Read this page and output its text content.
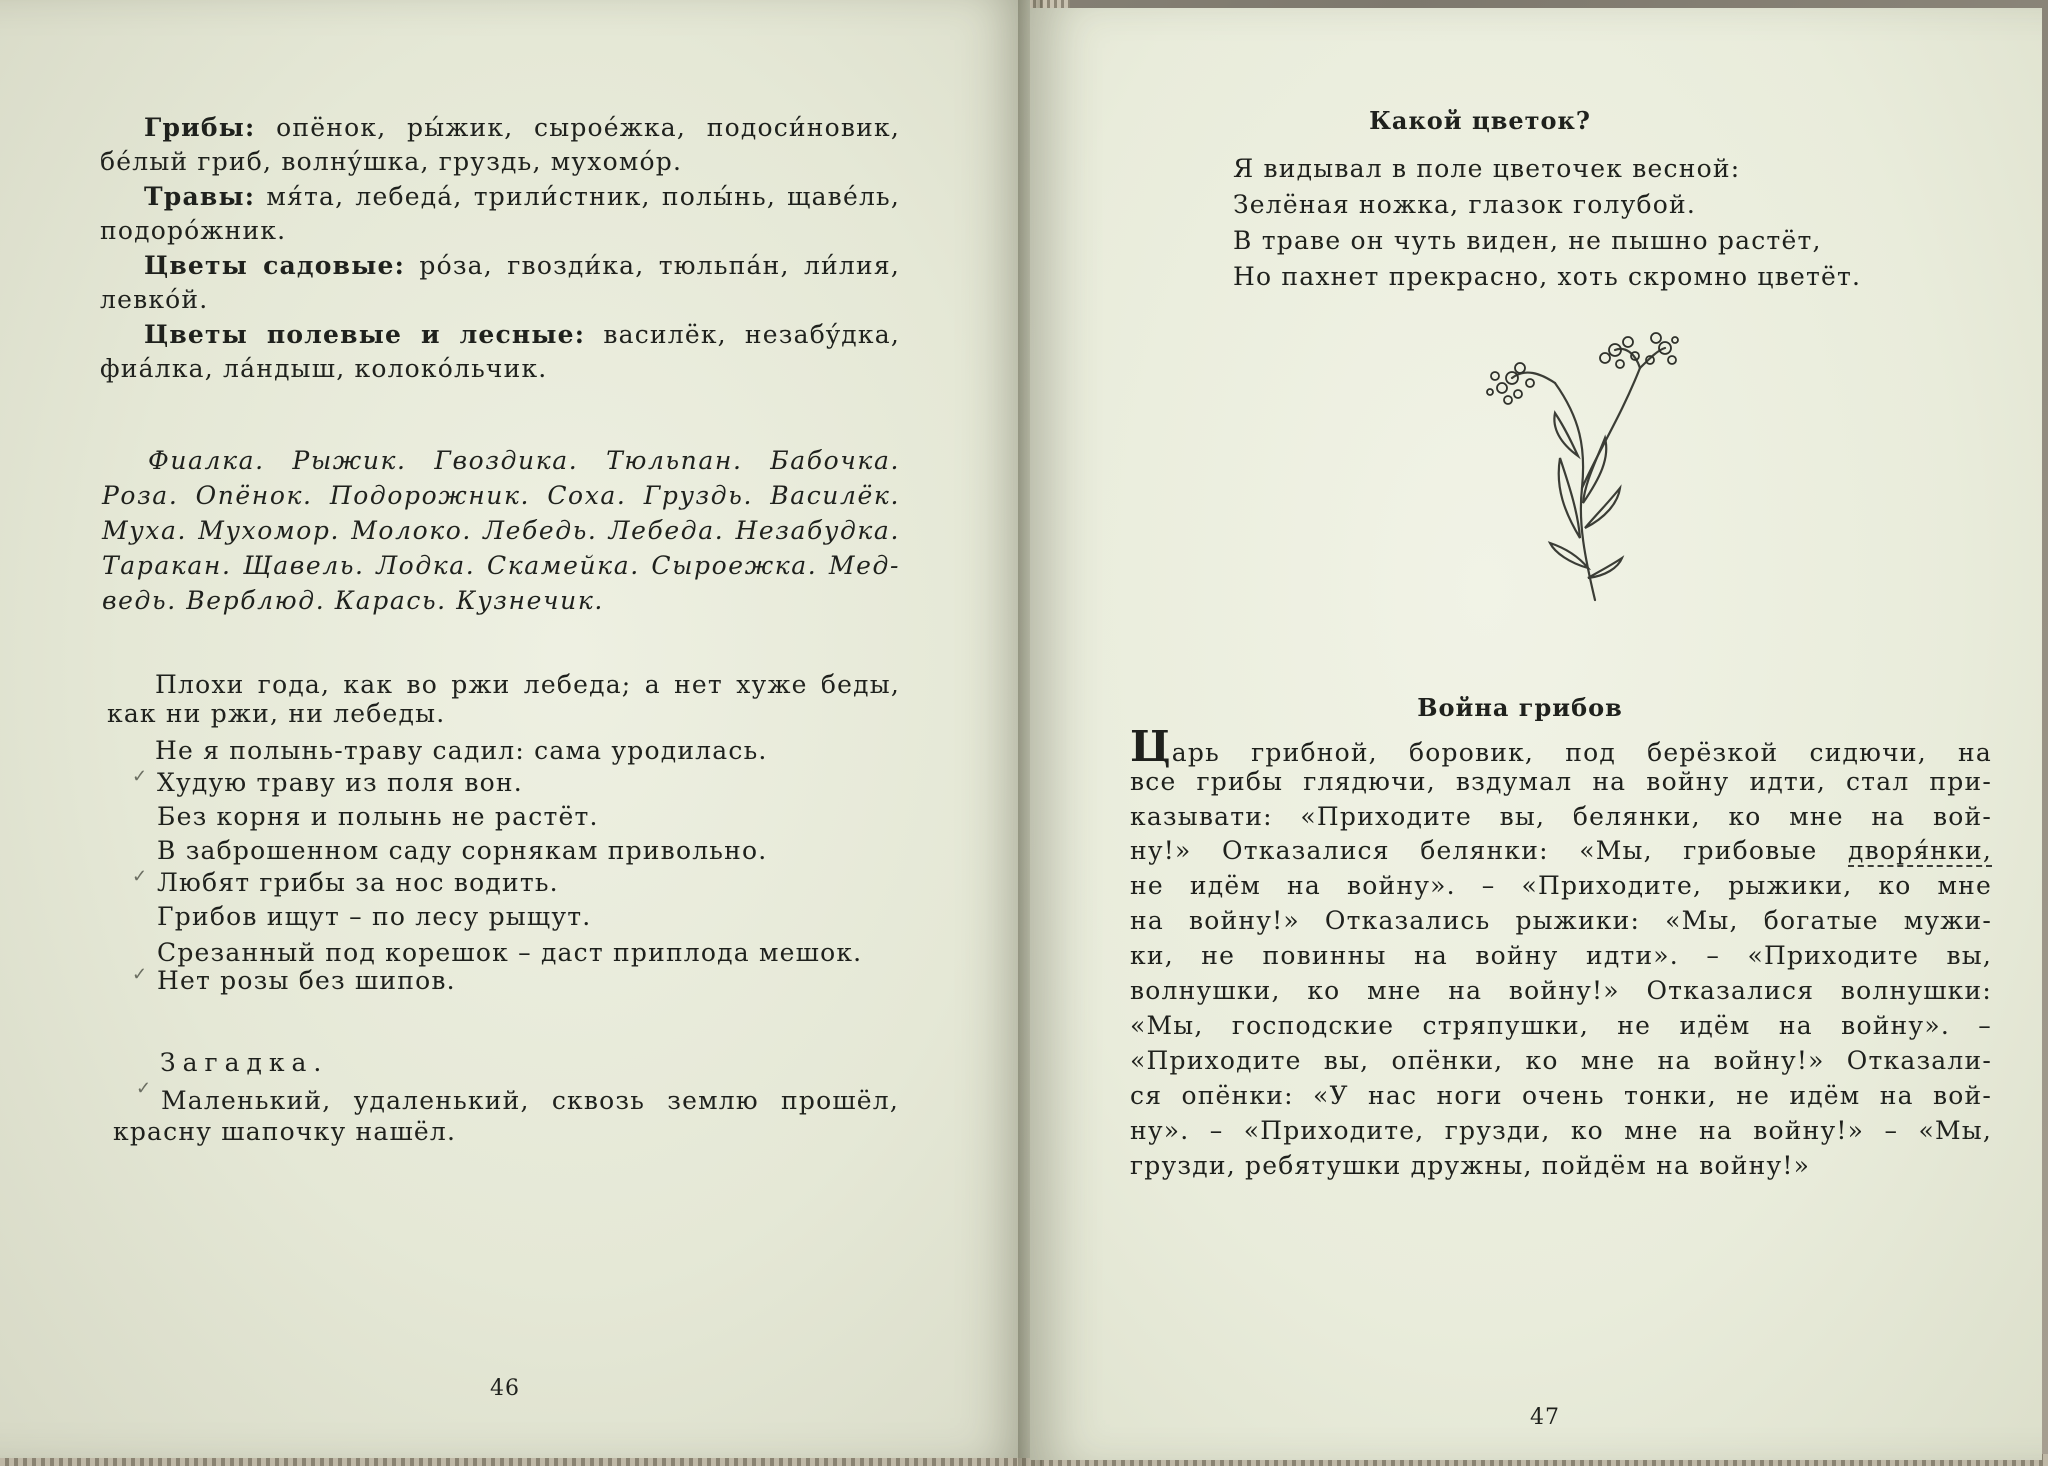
Грибы: опёнок, ры́жик, сыроéжка, подоси́новик,
бéлый гриб, волнýшка, груздь, мухомóр.
Травы: мя́та, лебедá, трили́стник, полы́нь, щавéль,
подорóжник.
Цветы садовые: рóза, гвозди́ка, тюльпáн, ли́лия,
левкóй.
Цветы полевые и лесные: василёк, незабýдка,
фиáлка, лáндыш, колокóльчик.
Фиалка. Рыжик. Гвоздика. Тюльпан. Бабочка.
Роза. Опёнок. Подорожник. Соха. Груздь. Василёк.
Муха. Мухомор. Молоко. Лебедь. Лебеда. Незабудка.
Таракан. Щавель. Лодка. Скамейка. Сыроежка. Мед-
ведь. Верблюд. Карась. Кузнечик.
Плохи года, как во ржи лебеда; а нет хуже беды,
как ни ржи, ни лебеды.
Не я полынь-траву садил: сама уродилась.
✓ Худую траву из поля вон.
Без корня и полынь не растёт.
В заброшенном саду сорнякам привольно.
✓ Любят грибы за нос водить.
Грибов ищут – по лесу рыщут.
Срезанный под корешок – даст приплода мешок.
✓ Нет розы без шипов.
Загадка.
✓ Маленький, удаленький, сквозь землю прошёл,
красну шапочку нашёл.
46
Какой цветок?
Я видывал в поле цветочек весной:
Зелёная ножка, глазок голубой.
В траве он чуть виден, не пышно растёт,
Но пахнет прекрасно, хоть скромно цветёт.
Война грибов
Царь грибной, боровик, под берёзкой сидючи, на
все грибы глядючи, вздумал на войну идти, стал при-
казывати: «Приходите вы, белянки, ко мне на вой-
ну!» Отказалися белянки: «Мы, грибовые дворя́нки,
не идём на войну». – «Приходите, рыжики, ко мне
на войну!» Отказались рыжики: «Мы, богатые мужи-
ки, не повинны на войну идти». – «Приходите вы,
волнушки, ко мне на войну!» Отказалися волнушки:
«Мы, господские стряпушки, не идём на войну». –
«Приходите вы, опёнки, ко мне на войну!» Отказали-
ся опёнки: «У нас ноги очень тонки, не идём на вой-
ну». – «Приходите, грузди, ко мне на войну!» – «Мы,
грузди, ребятушки дружны, пойдём на войну!»
47
